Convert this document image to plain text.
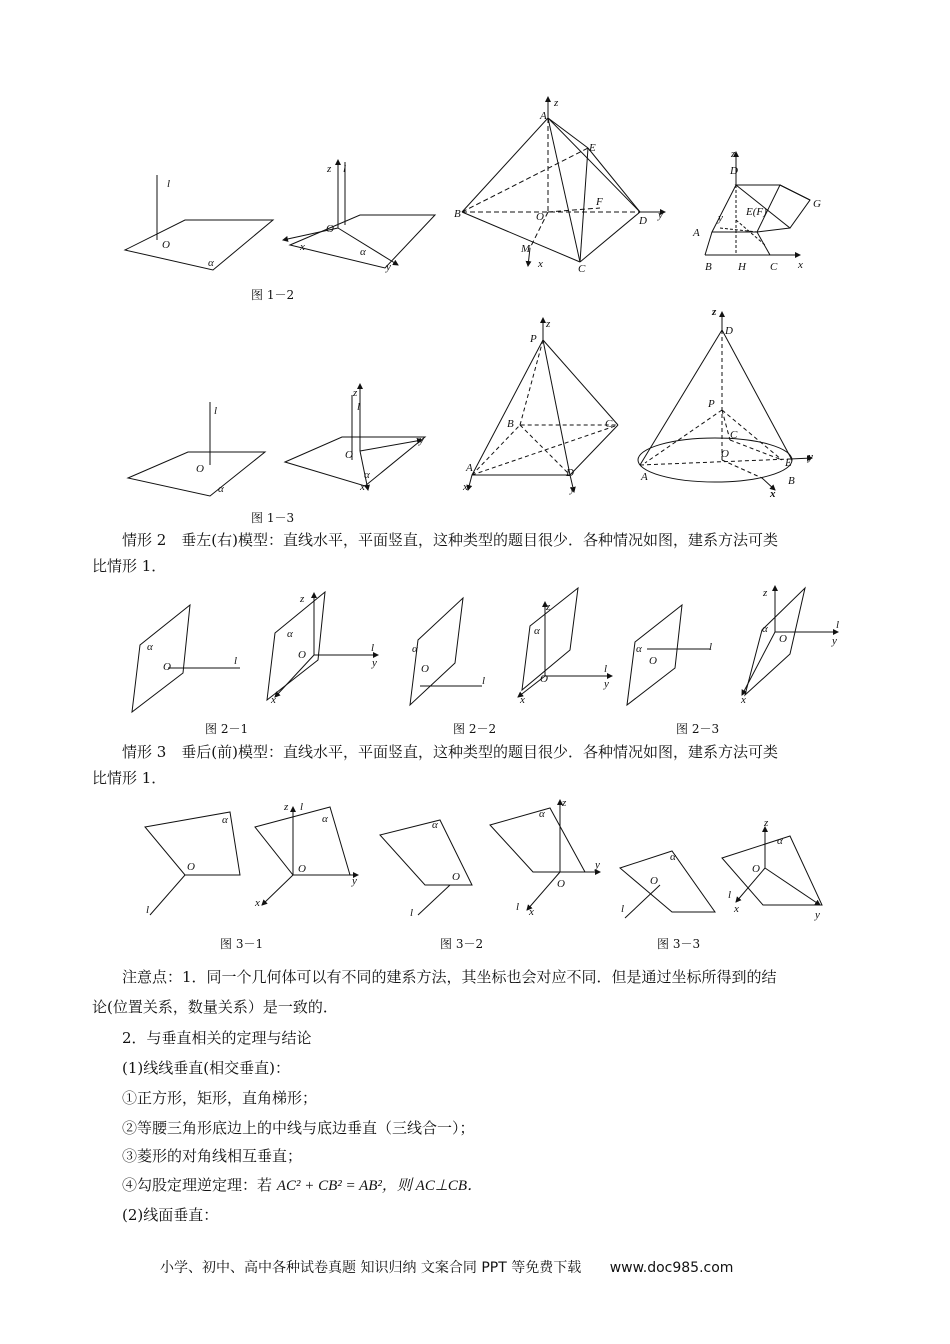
l
O
α
z l
O
x	α
y
z
A
E
B	O
F
D y
M
x	C
z
D
y E(F)
G
A
B H C x
l
O
α
z
l
O
y
α
x
z
P
B	C
A	D
x	y
z
D
P
C
O
E y
A	B
x
α
O	l
z
α
O
l
y
x
α
O
l
z
α
O
l
y
x
α
O
l
z
α
O
l
y
x
α
O
l
z l
α
O
y
x
α
O
l
z
α
O
y
l x
α
O
l
z
α
O
l
x	y
图 1－2
图 1－3
图 2－1	图 2－2	图 2－3
图 3－1	图 3－2	图 3－3
情形 2　垂左(右)模型：直线水平，平面竖直，这种类型的题目很少．各种情况如图，建系方法可类
比情形 1．
情形 3　垂后(前)模型：直线水平，平面竖直，这种类型的题目很少．各种情况如图，建系方法可类
比情形 1．
注意点：1．同一个几何体可以有不同的建系方法，其坐标也会对应不同．但是通过坐标所得到的结
论(位置关系，数量关系）是一致的．
2．与垂直相关的定理与结论
(1)线线垂直(相交垂直)：
①正方形，矩形，直角梯形；
②等腰三角形底边上的中线与底边垂直（三线合一）；
③菱形的对角线相互垂直；
④勾股定理逆定理：若 AC² + CB² = AB²，则 AC⊥CB．
(2)线面垂直：
小学、初中、高中各种试卷真题 知识归纳 文案合同 PPT 等免费下载 www.doc985.com
